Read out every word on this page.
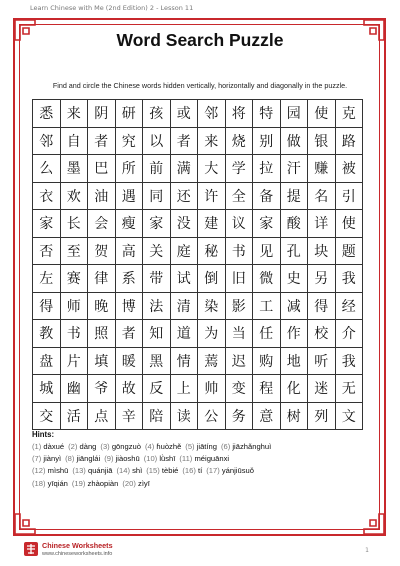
Learn Chinese with Me (2nd Edition) 2 - Lesson 11
Word Search Puzzle
Find and circle the Chinese words hidden vertically, horizontally and diagonally in the puzzle.
悉 来 阴 研 孩 或 邻 将 特 园 使 克
邻 自 者 究 以 者 来 烧 别 做 银 路
么 墨 巴 所 前 满 大 学 拉 汗 赚 被
衣 欢 油 遇 同 还 许 全 备 提 名 引
家 长 会 瘦 家 没 建 议 家 酸 详 使
否 至 贺 高 关 庭 秘 书 见 孔 块 题
左 赛 律 系 带 试 倒 旧 微 史 另 我
得 师 晚 博 法 清 染 影 工 减 得 经
教 书 照 者 知 道 为 当 任 作 校 介
盘 片 填 暖 黑 情 蔫 迟 购 地 听 我
城 幽 爷 故 反 上 帅 变 程 化 迷 无
交 活 点 辛 陪 读 公 务 意 树 列 文
Hints:
(1) dàxué (2) dàng (3) gōngzuò (4) ɦuòzhě (5) jiātíng (6) jiāzhǎnghuì
(7) jiànyì (8) jiānglái (9) jiàoshū (10) lǜshī (11) méiguānxi
(12) mìshū (13) quánjiā (14) shì (15) tèbié (16) tí (17) yánjiūsuǒ
(18) yīqián (19) zhàopiàn (20) zìyī
Chinese Worksheets
www.chineseworksheets.info	1
